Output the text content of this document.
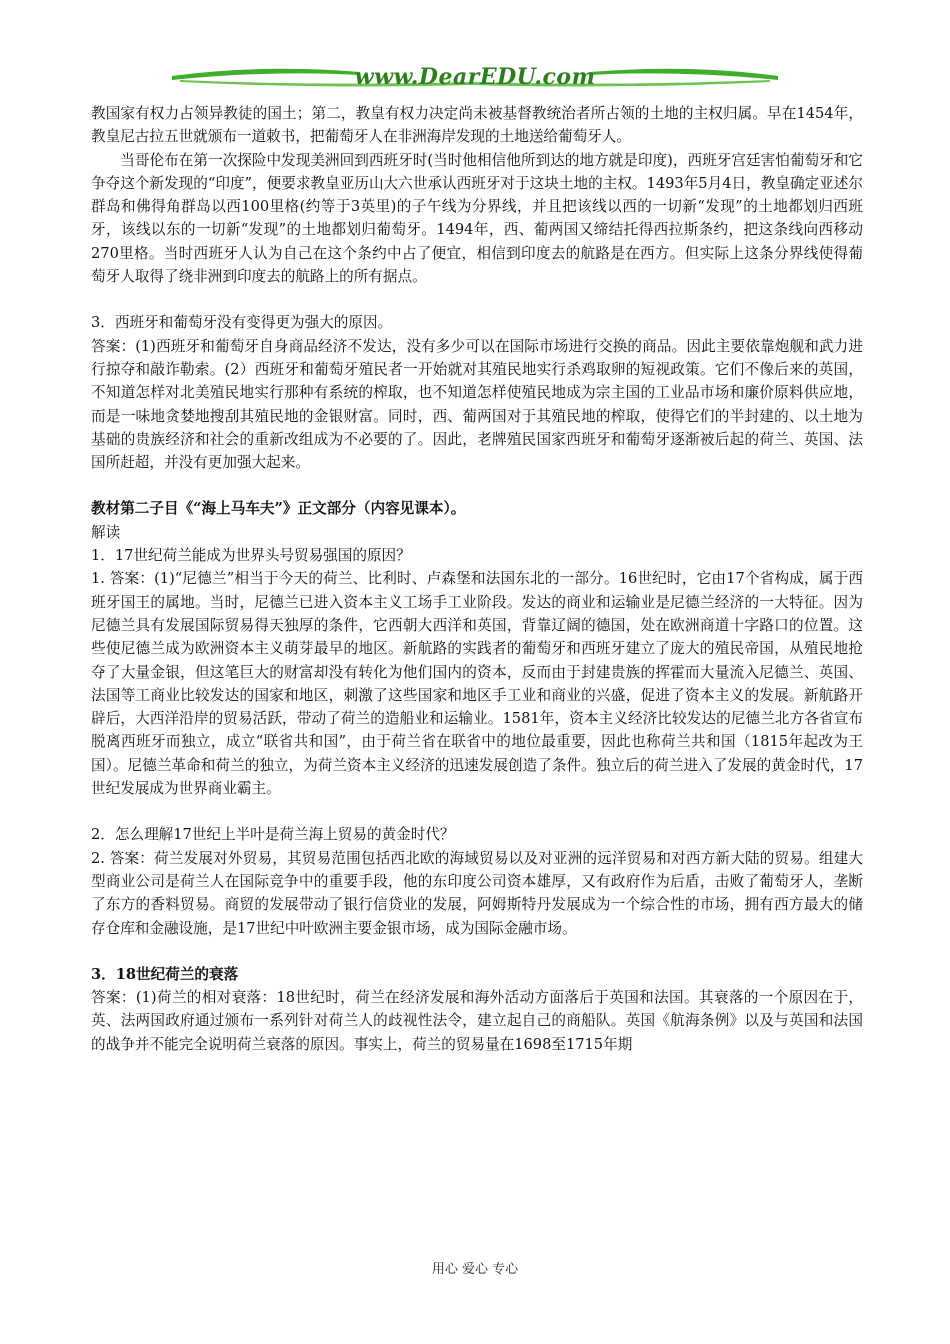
www.DearEDU.com

教国家有权力占领异教徒的国土；第二，教皇有权力决定尚未被基督教统治者所占领的土地的主权归属。早在1454年，教皇尼古拉五世就颁布一道敕书，把葡萄牙人在非洲海岸发现的土地送给葡萄牙人。

当哥伦布在第一次探险中发现美洲回到西班牙时(当时他相信他所到达的地方就是印度)，西班牙宫廷害怕葡萄牙和它争夺这个新发现的“印度”，便要求教皇亚历山大六世承认西班牙对于这块土地的主权。1493年5月4日，教皇确定亚述尔群岛和佛得角群岛以西100里格(约等于3英里)的子午线为分界线，并且把该线以西的一切新“发现”的土地都划归西班牙，该线以东的一切新“发现”的土地都划归葡萄牙。1494年，西、葡两国又缔结托得西拉斯条约，把这条线向西移动270里格。当时西班牙人认为自己在这个条约中占了便宜，相信到印度去的航路是在西方。但实际上这条分界线使得葡萄牙人取得了绕非洲到印度去的航路上的所有据点。

3．西班牙和葡萄牙没有变得更为强大的原因。

答案：(1)西班牙和葡萄牙自身商品经济不发达，没有多少可以在国际市场进行交换的商品。因此主要依靠炮舰和武力进行掠夺和敲诈勒索。(2）西班牙和葡萄牙殖民者一开始就对其殖民地实行杀鸡取卵的短视政策。它们不像后来的英国，不知道怎样对北美殖民地实行那种有系统的榨取，也不知道怎样使殖民地成为宗主国的工业品市场和廉价原料供应地，而是一味地贪婪地搜刮其殖民地的金银财富。同时，西、葡两国对于其殖民地的榨取，使得它们的半封建的、以土地为基础的贵族经济和社会的重新改组成为不必要的了。因此，老牌殖民国家西班牙和葡萄牙逐渐被后起的荷兰、英国、法国所赶超，并没有更加强大起来。

教材第二子目《“海上马车夫”》正文部分（内容见课本）。

解读

1．17世纪荷兰能成为世界头号贸易强国的原因？

1. 答案：(1)“尼德兰”相当于今天的荷兰、比利时、卢森堡和法国东北的一部分。16世纪时，它由17个省构成，属于西班牙国王的属地。当时，尼德兰已进入资本主义工场手工业阶段。发达的商业和运输业是尼德兰经济的一大特征。因为尼德兰具有发展国际贸易得天独厚的条件，它西朝大西洋和英国，背靠辽阔的德国，处在欧洲商道十字路口的位置。这些使尼德兰成为欧洲资本主义萌芽最早的地区。新航路的实践者的葡萄牙和西班牙建立了庞大的殖民帝国，从殖民地抢夺了大量金银，但这笔巨大的财富却没有转化为他们国内的资本，反而由于封建贵族的挥霍而大量流入尼德兰、英国、法国等工商业比较发达的国家和地区，刺激了这些国家和地区手工业和商业的兴盛，促进了资本主义的发展。新航路开辟后，大西洋沿岸的贸易活跃，带动了荷兰的造船业和运输业。1581年，资本主义经济比较发达的尼德兰北方各省宣布脱离西班牙而独立，成立“联省共和国”，由于荷兰省在联省中的地位最重要，因此也称荷兰共和国（1815年起改为王国）。尼德兰革命和荷兰的独立，为荷兰资本主义经济的迅速发展创造了条件。独立后的荷兰进入了发展的黄金时代，17世纪发展成为世界商业霸主。

2．怎么理解17世纪上半叶是荷兰海上贸易的黄金时代？

2. 答案：荷兰发展对外贸易，其贸易范围包括西北欧的海域贸易以及对亚洲的远洋贸易和对西方新大陆的贸易。组建大型商业公司是荷兰人在国际竞争中的重要手段，他的东印度公司资本雄厚，又有政府作为后盾，击败了葡萄牙人，垄断了东方的香料贸易。商贸的发展带动了银行信贷业的发展，阿姆斯特丹发展成为一个综合性的市场，拥有西方最大的储存仓库和金融设施，是17世纪中叶欧洲主要金银市场，成为国际金融市场。

3．18世纪荷兰的衰落

答案：(1)荷兰的相对衰落：18世纪时，荷兰在经济发展和海外活动方面落后于英国和法国。其衰落的一个原因在于，英、法两国政府通过颁布一系列针对荷兰人的歧视性法令，建立起自己的商船队。英国《航海条例》以及与英国和法国的战争并不能完全说明荷兰衰落的原因。事实上，荷兰的贸易量在1698至1715年期

用心 爱心 专心
